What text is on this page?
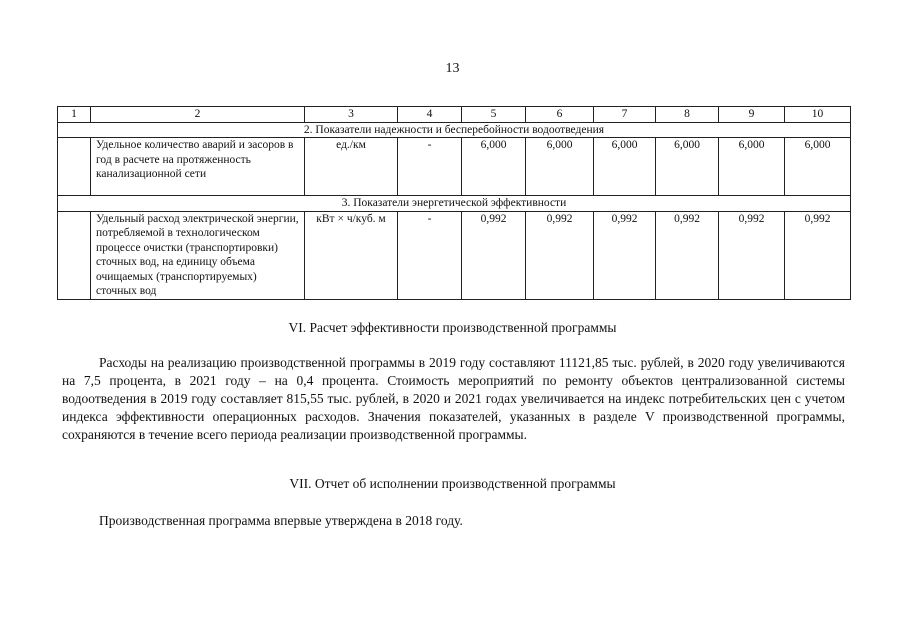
13
1	2	3	4	5	6	7	8	9	10
2. Показатели надежности и бесперебойности водоотведения									
	Удельное количество аварий и засоров в год в расчете на протяженность канализационной сети	ед./км	-	6,000	6,000	6,000	6,000	6,000	6,000
3. Показатели энергетической эффективности									
	Удельный расход электрической энергии, потребляемой в технологическом процессе очистки (транспортировки) сточных вод, на единицу объема очищаемых (транспортируемых) сточных вод	кВт × ч/куб. м	-	0,992	0,992	0,992	0,992	0,992	0,992
VI. Расчет эффективности производственной программы
Расходы на реализацию производственной программы в 2019 году составляют 11121,85 тыс. рублей, в 2020 году увеличиваются на 7,5 процента, в 2021 году – на 0,4 процента. Стоимость мероприятий по ремонту объектов централизованной системы водоотведения в 2019 году составляет 815,55 тыс. рублей, в 2020 и 2021 годах увеличивается на индекс потребительских цен с учетом индекса эффективности операционных расходов. Значения показателей, указанных в разделе V производственной программы, сохраняются в течение всего периода реализации производственной программы.
VII. Отчет об исполнении производственной программы
Производственная программа впервые утверждена в 2018 году.
